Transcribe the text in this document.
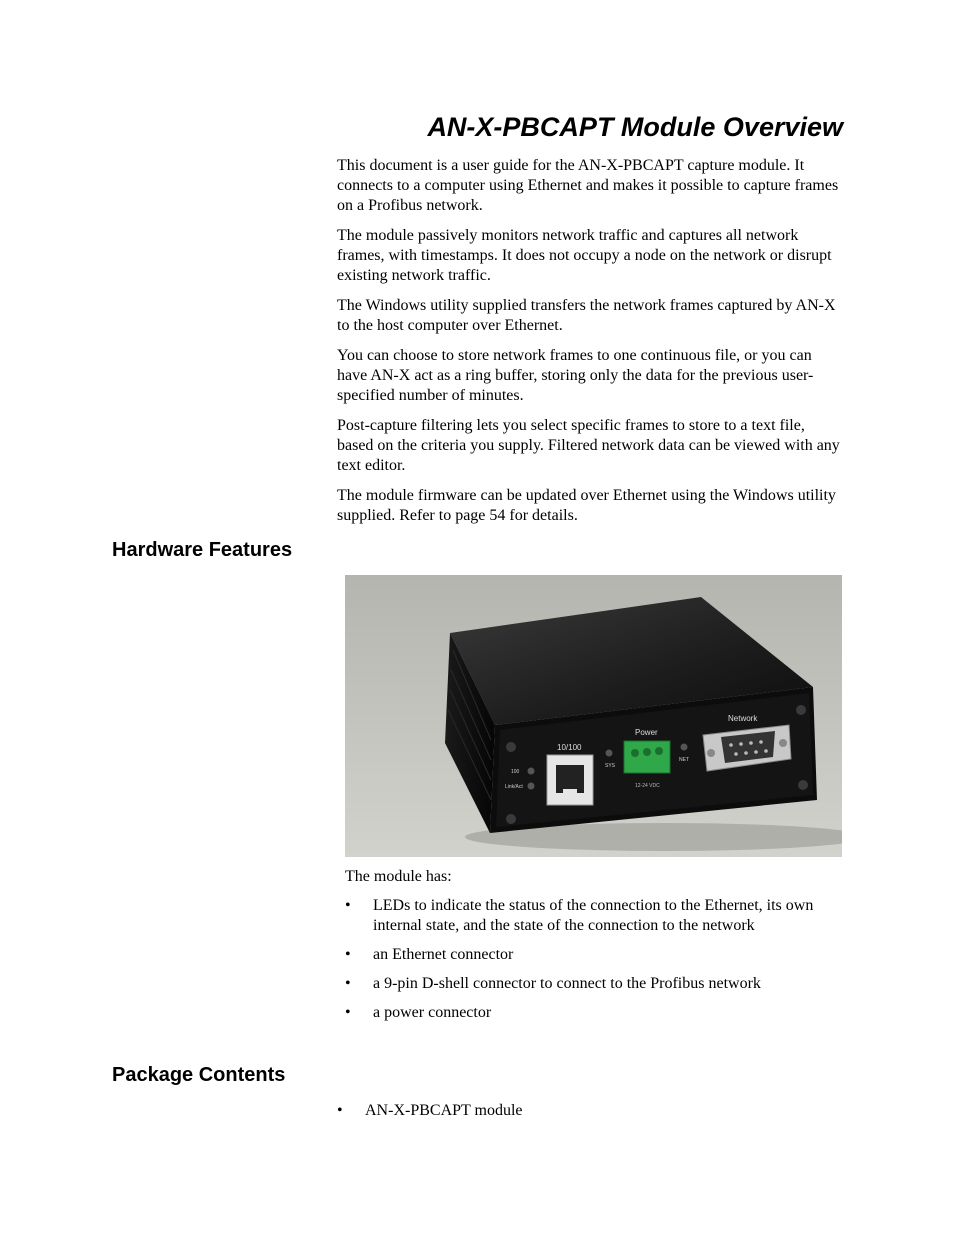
AN-X-PBCAPT Module Overview

This document is a user guide for the AN-X-PBCAPT capture module. It connects to a computer using Ethernet and makes it possible to capture frames on a Profibus network.

The module passively monitors network traffic and captures all network frames, with timestamps. It does not occupy a node on the network or disrupt existing network traffic.

The Windows utility supplied transfers the network frames captured by AN-X to the host computer over Ethernet.

You can choose to store network frames to one continuous file, or you can have AN-X act as a ring buffer, storing only the data for the previous user-specified number of minutes.

Post-capture filtering lets you select specific frames to store to a text file, based on the criteria you supply. Filtered network data can be viewed with any text editor.

The module firmware can be updated over Ethernet using the Windows utility supplied. Refer to page 54 for details.

Hardware Features
100
Link/Act
10/100
SYS
Power
12-24 VDC
NET
Network

The module has:

• LEDs to indicate the status of the connection to the Ethernet, its own internal state, and the state of the connection to the network
• an Ethernet connector
• a 9-pin D-shell connector to connect to the Profibus network
• a power connector
Package Contents
• AN-X-PBCAPT module
